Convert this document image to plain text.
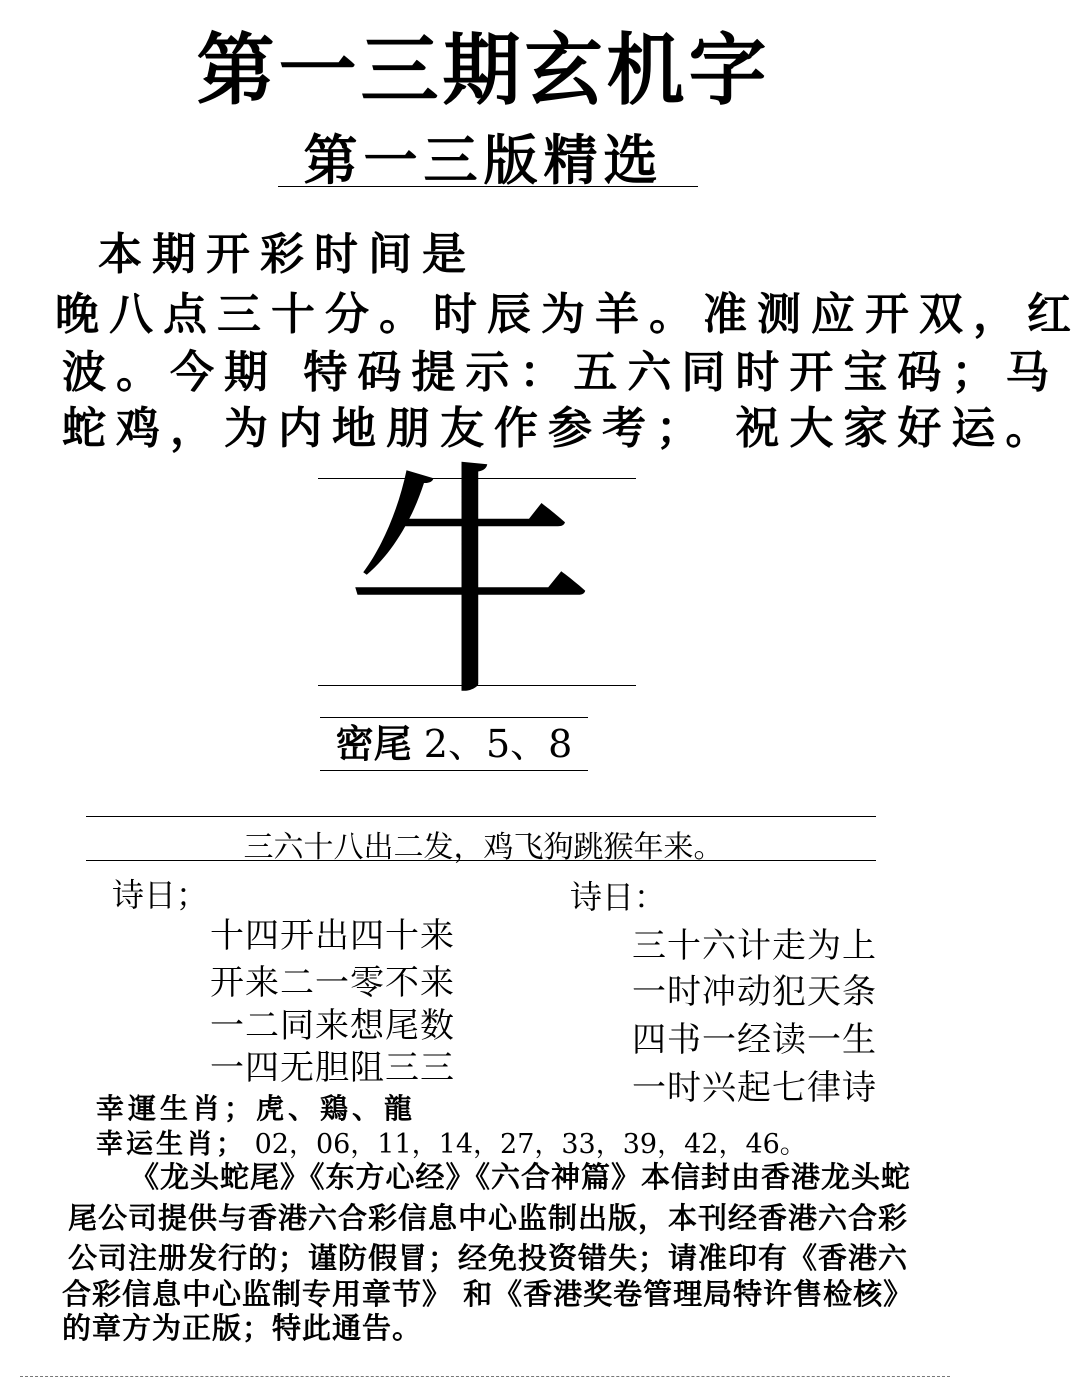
第一三期玄机字
第一三版精选
本期开彩时间是
晚八点三十分。时辰为羊。准测应开双，红
波。今期 特码提示：五六同时开宝码；马
蛇鸡，为内地朋友作参考； 祝大家好运。
牛
密尾 2、5、8
三六十八出二发，鸡飞狗跳猴年来。
诗日；
十四开出四十来
开来二一零不来
一二同来想尾数
一四无胆阻三三
诗日：
三十六计走为上
一时冲动犯天条
四书一经读一生
一时兴起七律诗
幸運生肖；虎、鶏、龍
幸运生肖； 02，06，11，14，27，33，39，42，46。
《龙头蛇尾》《东方心经》《六合神篇》本信封由香港龙头蛇
尾公司提供与香港六合彩信息中心监制出版，本刊经香港六合彩
公司注册发行的；谨防假冒；经免投资错失；请准印有《香港六
合彩信息中心监制专用章节》 和《香港奖卷管理局特许售检核》
的章方为正版；特此通告。
